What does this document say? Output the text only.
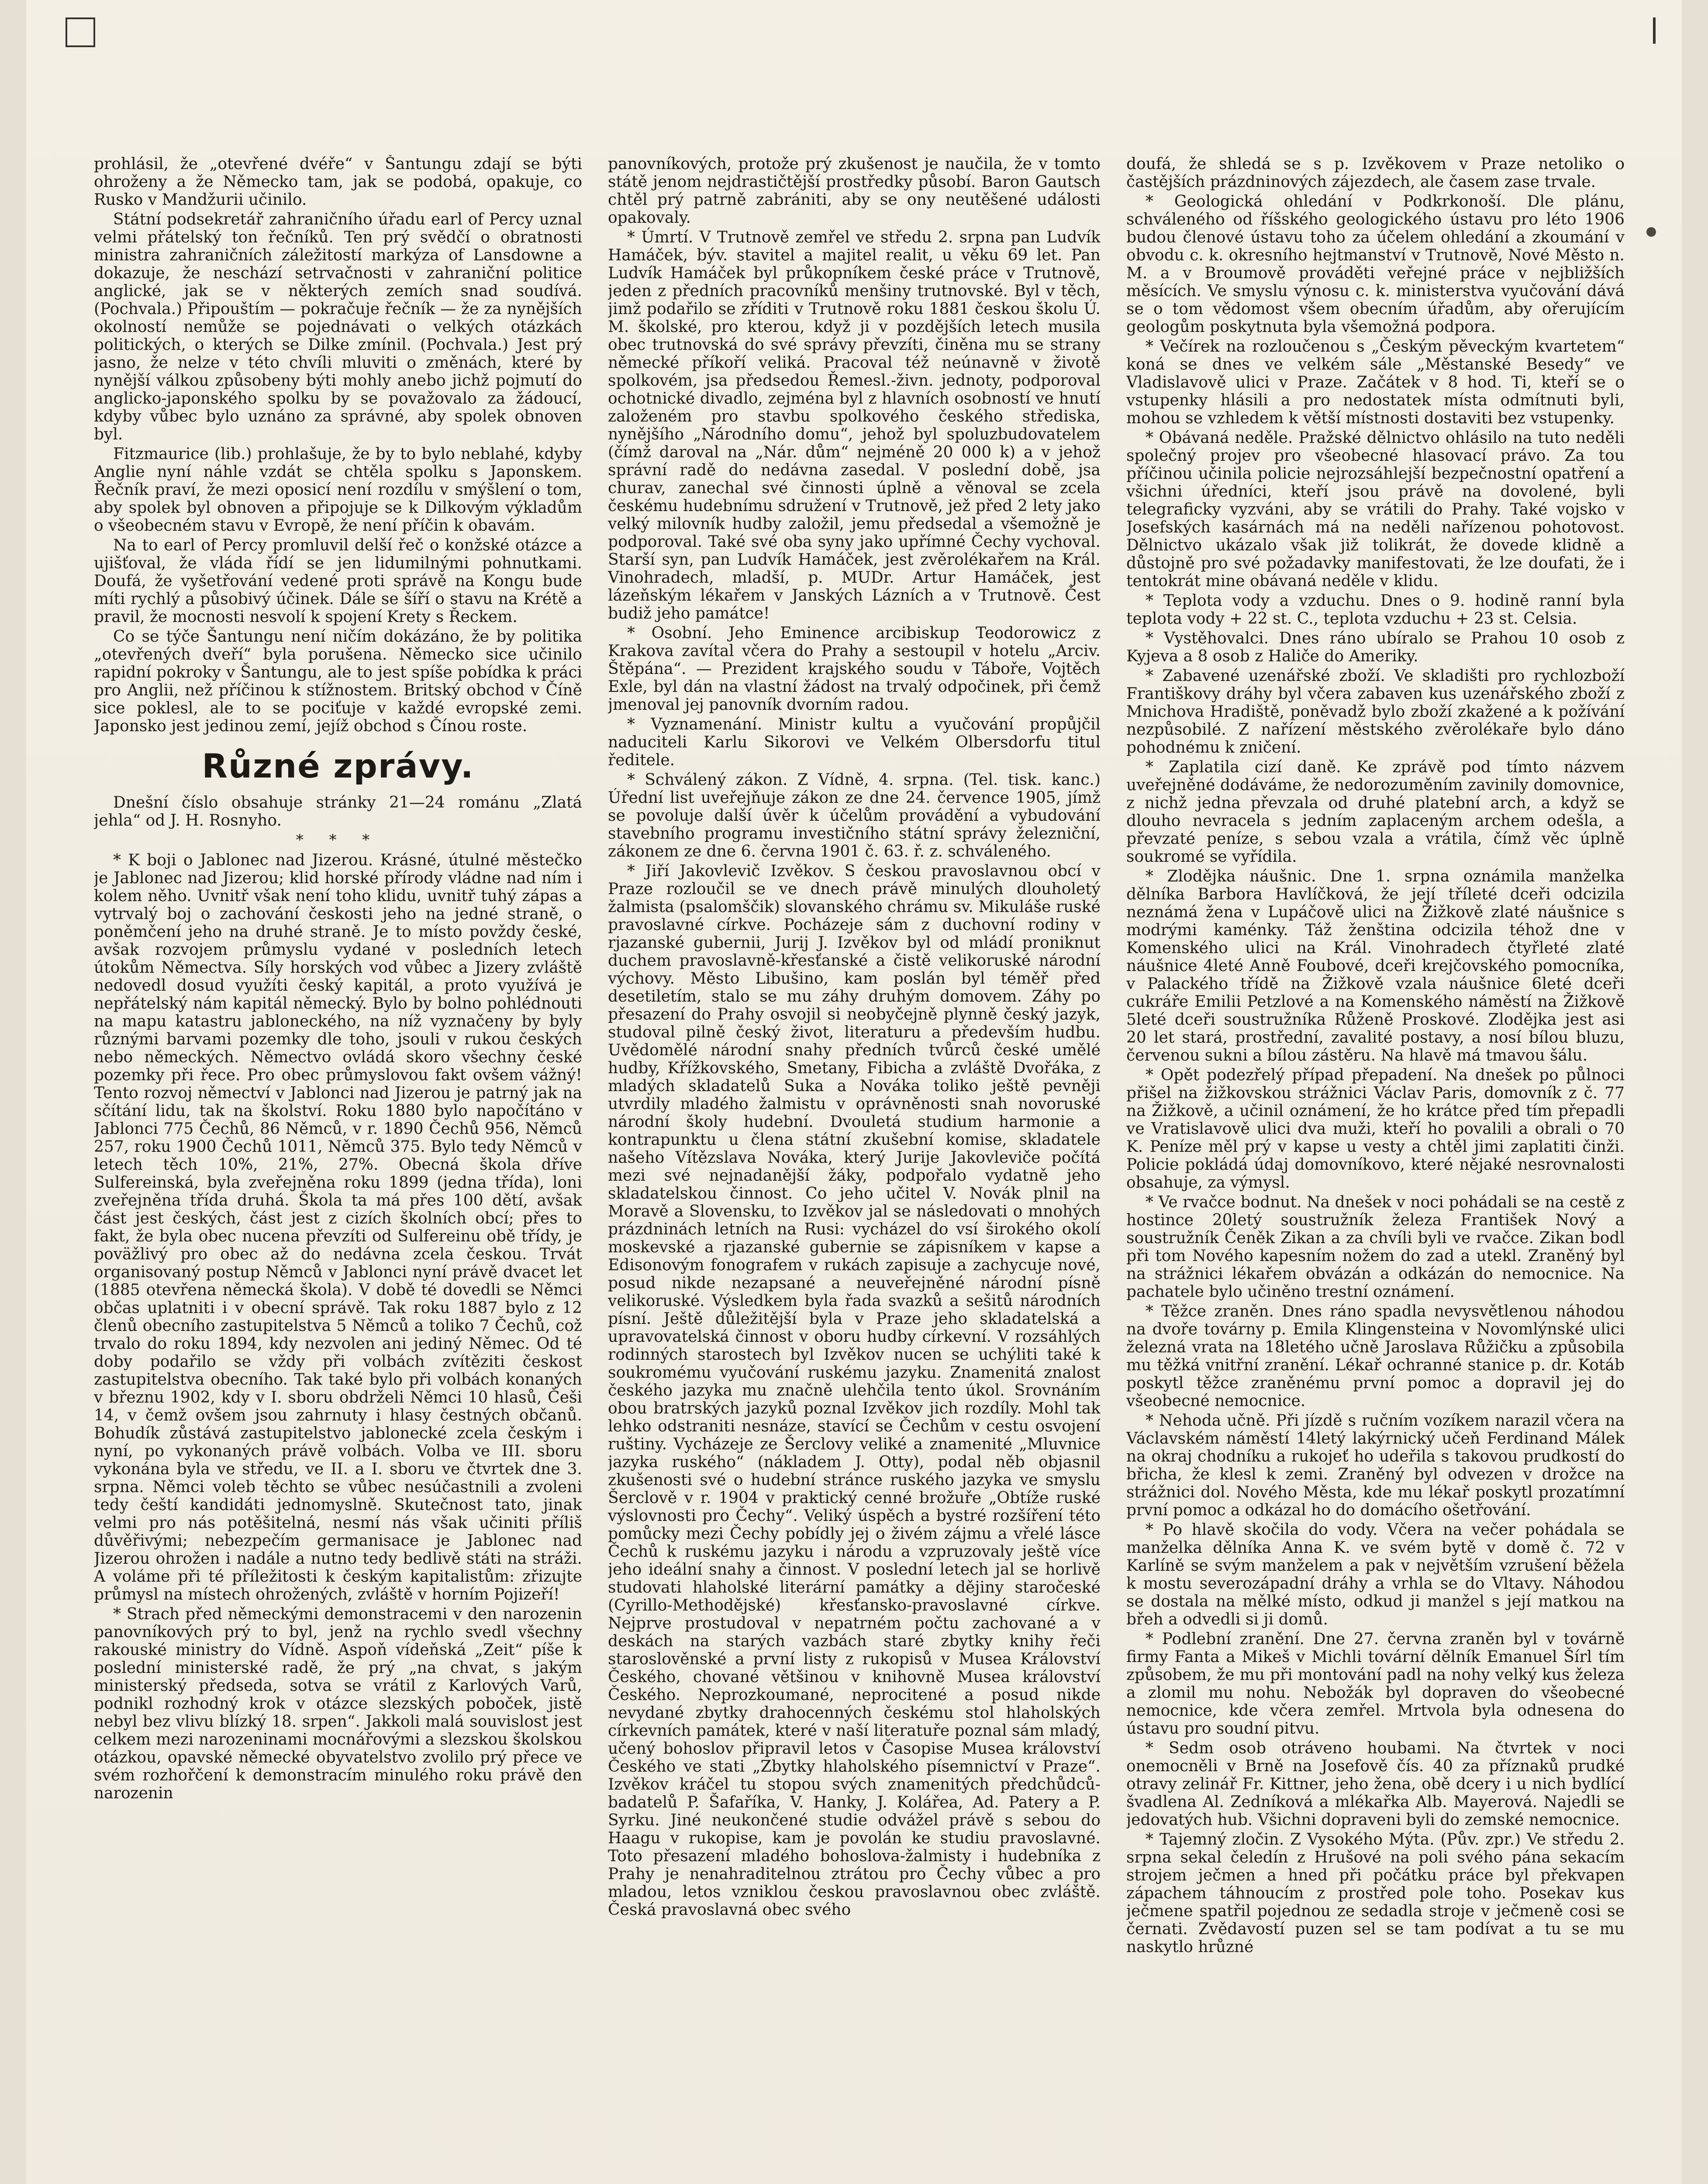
prohlásil, že „otevřené dvéře“ v Šantungu zdají se býti ohroženy a že Německo tam, jak se podobá, opakuje, co Rusko v Mandžurii učinilo.

Státní podsekretář zahraničního úřadu earl of Percy uznal velmi přátelský ton řečníků. Ten prý svědčí o obratnosti ministra zahraničních záležitostí markýza of Lansdowne a dokazuje, že neschází setrvačnosti v zahraniční politice anglické, jak se v některých zemích snad soudívá. (Pochvala.) Připouštím — pokračuje řečník — že za nynějších okolností nemůže se pojednávati o velkých otázkách politických, o kterých se Dilke zmínil. (Pochvala.) Jest prý jasno, že nelze v této chvíli mluviti o změnách, které by nynější válkou způsobeny býti mohly anebo jichž pojmutí do anglicko-japonského spolku by se považovalo za žádoucí, kdyby vůbec bylo uznáno za správné, aby spolek obnoven byl.

Fitzmaurice (lib.) prohlašuje, že by to bylo neblahé, kdyby Anglie nyní náhle vzdát se chtěla spolku s Japonskem. Řečník praví, že mezi oposicí není rozdílu v smýšlení o tom, aby spolek byl obnoven a připojuje se k Dilkovým výkladům o všeobecném stavu v Evropě, že není příčin k obavám.

Na to earl of Percy promluvil delší řeč o konžské otázce a ujišťoval, že vláda řídí se jen lidumilnými pohnutkami. Doufá, že vyšetřování vedené proti správě na Kongu bude míti rychlý a působivý účinek. Dále se šíří o stavu na Krétě a pravil, že mocnosti nesvolí k spojení Krety s Řeckem.

Co se týče Šantungu není ničím dokázáno, že by politika „otevřených dveří“ byla porušena. Německo sice učinilo rapidní pokroky v Šantungu, ale to jest spíše pobídka k práci pro Anglii, než příčinou k stížnostem. Britský obchod v Číně sice poklesl, ale to se pociťuje v každé evropské zemi. Japonsko jest jedinou zemí, jejíž obchod s Čínou roste.

Různé zprávy.

Dnešní číslo obsahuje stránky 21—24 románu „Zlatá jehla“ od J. H. Rosnyho.

* * *

* K boji o Jablonec nad Jizerou. Krásné, útulné městečko je Jablonec nad Jizerou; klid horské přírody vládne nad ním i kolem něho. Uvnitř však není toho klidu, uvnitř tuhý zápas a vytrvalý boj o zachování českosti jeho na jedné straně, o poněmčení jeho na druhé straně. Je to místo povždy české, avšak rozvojem průmyslu vydané v posledních letech útokům Němectva. Síly horských vod vůbec a Jizery zvláště nedovedl dosud využíti český kapitál, a proto využívá je nepřátelský nám kapitál německý. Bylo by bolno pohlédnouti na mapu katastru jabloneckého, na níž vyznačeny by byly různými barvami pozemky dle toho, jsouli v rukou českých nebo německých. Němectvo ovládá skoro všechny české pozemky při řece. Pro obec průmyslovou fakt ovšem vážný! Tento rozvoj němectví v Jablonci nad Jizerou je patrný jak na sčítání lidu, tak na školství. Roku 1880 bylo napočítáno v Jablonci 775 Čechů, 86 Němců, v r. 1890 Čechů 956, Němců 257, roku 1900 Čechů 1011, Němců 375. Bylo tedy Němců v letech těch 10%, 21%, 27%. Obecná škola dříve Sulfereinská, byla zveřejněna roku 1899 (jedna třída), loni zveřejněna třída druhá. Škola ta má přes 100 dětí, avšak část jest českých, část jest z cizích školních obcí; přes to fakt, že byla obec nucena převzíti od Sulfereinu obě třídy, je poväžlivý pro obec až do nedávna zcela českou. Trvát organisovaný postup Němců v Jablonci nyní právě dvacet let (1885 otevřena německá škola). V době té dovedli se Němci občas uplatniti i v obecní správě. Tak roku 1887 bylo z 12 členů obecního zastupitelstva 5 Němců a toliko 7 Čechů, což trvalo do roku 1894, kdy nezvolen ani jediný Němec. Od té doby podařilo se vždy při volbách zvítěziti českost zastupitelstva obecního. Tak také bylo při volbách konaných v březnu 1902, kdy v I. sboru obdrželi Němci 10 hlasů, Češi 14, v čemž ovšem jsou zahrnuty i hlasy čestných občanů. Bohudík zůstává zastupitelstvo jablonecké zcela českým i nyní, po vykonaných právě volbách. Volba ve III. sboru vykonána byla ve středu, ve II. a I. sboru ve čtvrtek dne 3. srpna. Němci voleb těchto se vůbec nesúčastnili a zvoleni tedy čeští kandidáti jednomyslně. Skutečnost tato, jinak velmi pro nás potěšitelná, nesmí nás však učiniti příliš důvěřivými; nebezpečím germanisace je Jablonec nad Jizerou ohrožen i nadále a nutno tedy bedlivě státi na stráži. A voláme při té příležitosti k českým kapitalistům: zřizujte průmysl na místech ohrožených, zvláště v horním Pojizeří!

* Strach před německými demonstracemi v den narozenin panovníkových prý to byl, jenž na rychlo svedl všechny rakouské ministry do Vídně. Aspoň vídeňská „Zeit“ píše k poslední ministerské radě, že prý „na chvat, s jakým ministerský předseda, sotva se vrátil z Karlových Varů, podnikl rozhodný krok v otázce slezských poboček, jistě nebyl bez vlivu blízký 18. srpen“. Jakkoli malá souvislost jest celkem mezi narozeninami mocnářovými a slezskou školskou otázkou, opavské německé obyvatelstvo zvolilo prý přece ve svém rozhořčení k demonstracím minulého roku právě den narozenin

panovníkových, protože prý zkušenost je naučila, že v tomto státě jenom nejdrastičtější prostředky působí. Baron Gautsch chtěl prý patrně zabrániti, aby se ony neutěšené události opakovaly.

* Úmrtí. V Trutnově zemřel ve středu 2. srpna pan Ludvík Hamáček, býv. stavitel a majitel realit, u věku 69 let. Pan Ludvík Hamáček byl průkopníkem české práce v Trutnově, jeden z předních pracovníků menšiny trutnovské. Byl v těch, jimž podařilo se zříditi v Trutnově roku 1881 českou školu Ú. M. školské, pro kterou, když ji v pozdějších letech musila obec trutnovská do své správy převzíti, činěna mu se strany německé příkoří veliká. Pracoval též neúnavně v životě spolkovém, jsa předsedou Řemesl.-živn. jednoty, podporoval ochotnické divadlo, zejména byl z hlavních osobností ve hnutí založeném pro stavbu spolkového českého střediska, nynějšího „Národního domu“, jehož byl spoluzbudovatelem (čímž daroval na „Nár. dům“ nejméně 20 000 k) a v jehož správní radě do nedávna zasedal. V poslední době, jsa churav, zanechal své činnosti úplně a věnoval se zcela českému hudebnímu sdružení v Trutnově, jež před 2 lety jako velký milovník hudby založil, jemu předsedal a všemožně je podporoval. Také své oba syny jako upřímné Čechy vychoval. Starší syn, pan Ludvík Hamáček, jest zvěrolékařem na Král. Vinohradech, mladší, p. MUDr. Artur Hamáček, jest lázeňským lékařem v Janských Lázních a v Trutnově. Čest budiž jeho památce!

* Osobní. Jeho Eminence arcibiskup Teodorowicz z Krakova zavítal včera do Prahy a sestoupil v hotelu „Arciv. Štěpána“. — Prezident krajského soudu v Táboře, Vojtěch Exle, byl dán na vlastní žádost na trvalý odpočinek, při čemž jmenoval jej panovník dvorním radou.

* Vyznamenání. Ministr kultu a vyučování propůjčil naduciteli Karlu Sikorovi ve Velkém Olbersdorfu titul ředitele.

* Schválený zákon. Z Vídně, 4. srpna. (Tel. tisk. kanc.) Úřední list uveřejňuje zákon ze dne 24. července 1905, jímž se povoluje další úvěr k účelům provádění a vybudování stavebního programu investičního státní správy železniční, zákonem ze dne 6. června 1901 č. 63. ř. z. schváleného.

* Jiří Jakovlevič Izvěkov. S českou pravoslavnou obcí v Praze rozloučil se ve dnech právě minulých dlouholetý žalmista (psalomščik) slovanského chrámu sv. Mikuláše ruské pravoslavné církve. Pocházeje sám z duchovní rodiny v rjazanské gubernii, Jurij J. Izvěkov byl od mládí proniknut duchem pravoslavně-křesťanské a čistě velikoruské národní výchovy. Město Libušino, kam poslán byl téměř před desetiletím, stalo se mu záhy druhým domovem. Záhy po přesazení do Prahy osvojil si neobyčejně plynně český jazyk, studoval pilně český život, literaturu a především hudbu. Uvědomělé národní snahy předních tvůrců české umělé hudby, Křížkovského, Smetany, Fibicha a zvláště Dvořáka, z mladých skladatelů Suka a Nováka toliko ještě pevněji utvrdily mladého žalmistu v oprávněnosti snah novoruské národní školy hudební. Dvouletá studium harmonie a kontrapunktu u člena státní zkušební komise, skladatele našeho Vítězslava Nováka, který Jurije Jakovleviče počítá mezi své nejnadanější žáky, podpořalo vydatně jeho skladatelskou činnost. Co jeho učitel V. Novák plnil na Moravě a Slovensku, to Izvěkov jal se následovati o mnohých prázdninách letních na Rusi: vycházel do vsí širokého okolí moskevské a rjazanské gubernie se zápisníkem v kapse a Edisonovým fonografem v rukách zapisuje a zachycuje nové, posud nikde nezapsané a neuveřejněné národní písně velikoruské. Výsledkem byla řada svazků a sešitů národních písní. Ještě důležitější byla v Praze jeho skladatelská a upravovatelská činnost v oboru hudby církevní. V rozsáhlých rodinných starostech byl Izvěkov nucen se uchýliti také k soukromému vyučování ruskému jazyku. Znamenitá znalost českého jazyka mu značně ulehčila tento úkol. Srovnáním obou bratrských jazyků poznal Izvěkov jich rozdíly. Mohl tak lehko odstraniti nesnáze, stavící se Čechům v cestu osvojení ruštiny. Vycházeje ze Šerclovy veliké a znamenité „Mluvnice jazyka ruského“ (nákladem J. Otty), podal něb objasnil zkušenosti své o hudební stránce ruského jazyka ve smyslu Šerclově v r. 1904 v praktický cenné brožuře „Obtíže ruské výslovnosti pro Čechy“. Veliký úspěch a bystré rozšíření této pomůcky mezi Čechy pobídly jej o živém zájmu a vřelé lásce Čechů k ruskému jazyku i národu a vzpruzovaly ještě více jeho ideální snahy a činnost. V poslední letech jal se horlivě studovati hlaholské literární památky a dějiny staročeské (Cyrillo-Methodějské) křesťansko-pravoslavné církve. Nejprve prostudoval v nepatrném počtu zachované a v deskách na starých vazbách staré zbytky knihy řeči staroslověnské a první listy z rukopisů v Musea Království Českého, chované většinou v knihovně Musea království Českého. Neprozkoumané, neprocitené a posud nikde nevydané zbytky drahocenných českému stol hlaholských církevních památek, které v naší literatuře poznal sám mladý, učený bohoslov připravil letos v Časopise Musea království Českého ve stati „Zbytky hlaholského písemnictví v Praze“. Izvěkov kráčel tu stopou svých znamenitých předchůdců-badatelů P. Šafaříka, V. Hanky, J. Kolářea, Ad. Patery a P. Syrku. Jiné neukončené studie odvážel právě s sebou do Haagu v rukopise, kam je povolán ke studiu pravoslavné. Toto přesazení mladého bohoslova-žalmisty i hudebníka z Prahy je nenahraditelnou ztrátou pro Čechy vůbec a pro mladou, letos vzniklou českou pravoslavnou obec zvláště. Česká pravoslavná obec svého

doufá, že shledá se s p. Izvěkovem v Praze netoliko o častějších prázdninových zájezdech, ale časem zase trvale.

* Geologická ohledání v Podkrkonoší. Dle plánu, schváleného od říšského geologického ústavu pro léto 1906 budou členové ústavu toho za účelem ohledání a zkoumání v obvodu c. k. okresního hejtmanství v Trutnově, Nové Město n. M. a v Broumově prováděti veřejné práce v nejbližších měsících. Ve smyslu výnosu c. k. ministerstva vyučování dává se o tom vědomost všem obecním úřadům, aby ořerujícím geologům poskytnuta byla všemožná podpora.

* Večírek na rozloučenou s „Českým pěveckým kvartetem“ koná se dnes ve velkém sále „Městanské Besedy“ ve Vladislavově ulici v Praze. Začátek v 8 hod. Ti, kteří se o vstupenky hlásili a pro nedostatek místa odmítnuti byli, mohou se vzhledem k větší místnosti dostaviti bez vstupenky.

* Obávaná neděle. Pražské dělnictvo ohlásilo na tuto neděli společný projev pro všeobecné hlasovací právo. Za tou příčinou učinila policie nejrozsáhlejší bezpečnostní opatření a všichni úředníci, kteří jsou právě na dovolené, byli telegraficky vyzváni, aby se vrátili do Prahy. Také vojsko v Josefských kasárnách má na neděli nařízenou pohotovost. Dělnictvo ukázalo však již tolikrát, že dovede klidně a důstojně pro své požadavky manifestovati, že lze doufati, že i tentokrát mine obávaná neděle v klidu.

* Teplota vody a vzduchu. Dnes o 9. hodině ranní byla teplota vody + 22 st. C., teplota vzduchu + 23 st. Celsia.

* Vystěhovalci. Dnes ráno ubíralo se Prahou 10 osob z Kyjeva a 8 osob z Haliče do Ameriky.

* Zabavené uzenářské zboží. Ve skladišti pro rychlozboží Františkovy dráhy byl včera zabaven kus uzenářského zboží z Mnichova Hradiště, poněvadž bylo zboží zkažené a k požívání nezpůsobilé. Z nařízení městského zvěrolékaře bylo dáno pohodnému k zničení.

* Zaplatila cizí daně. Ke zprávě pod tímto názvem uveřejněné dodáváme, že nedorozuměním zavinily domovnice, z nichž jedna převzala od druhé platební arch, a když se dlouho nevracela s jedním zaplaceným archem odešla, a převzaté peníze, s sebou vzala a vrátila, čímž věc úplně soukromé se vyřídila.

* Zlodějka náušnic. Dne 1. srpna oznámila manželka dělníka Barbora Havlíčková, že její tříleté dceři odcizila neznámá žena v Lupáčově ulici na Žižkově zlaté náušnice s modrými kaménky. Táž ženština odcizila téhož dne v Komenského ulici na Král. Vinohradech čtyřleté zlaté náušnice 4leté Anně Foubové, dceři krejčovského pomocníka, v Palackého třídě na Žižkově vzala náušnice 6leté dceři cukráře Emilii Petzlové a na Komenského náměstí na Žižkově 5leté dceři soustružníka Růženě Proskové. Zlodějka jest asi 20 let stará, prostřední, zavalité postavy, a nosí bílou bluzu, červenou sukni a bílou zástěru. Na hlavě má tmavou šálu.

* Opět podezřelý případ přepadení. Na dnešek po půlnoci přišel na žižkovskou strážnici Václav Paris, domovník z č. 77 na Žižkově, a učinil oznámení, že ho krátce před tím přepadli ve Vratislavově ulici dva muži, kteří ho povalili a obrali o 70 K. Peníze měl prý v kapse u vesty a chtěl jimi zaplatiti činži. Policie pokládá údaj domovníkovo, které nějaké nesrovnalosti obsahuje, za výmysl.

* Ve rvačce bodnut. Na dnešek v noci pohádali se na cestě z hostince 20letý soustružník železa František Nový a soustružník Čeněk Zikan a za chvíli byli ve rvačce. Zikan bodl při tom Nového kapesním nožem do zad a utekl. Zraněný byl na strážnici lékařem obvázán a odkázán do nemocnice. Na pachatele bylo učiněno trestní oznámení.

* Těžce zraněn. Dnes ráno spadla nevysvětlenou náhodou na dvoře továrny p. Emila Klingensteina v Novomlýnské ulici železná vrata na 18letého učně Jaroslava Růžičku a způsobila mu těžká vnitřní zranění. Lékař ochranné stanice p. dr. Kotáb poskytl těžce zraněnému první pomoc a dopravil jej do všeobecné nemocnice.

* Nehoda učně. Při jízdě s ručním vozíkem narazil včera na Václavském náměstí 14letý lakýrnický učeň Ferdinand Málek na okraj chodníku a rukojeť ho udeřila s takovou prudkostí do břicha, že klesl k zemi. Zraněný byl odvezen v drožce na strážnici dol. Nového Města, kde mu lékař poskytl prozatímní první pomoc a odkázal ho do domácího ošetřování.

* Po hlavě skočila do vody. Včera na večer pohádala se manželka dělníka Anna K. ve svém bytě v domě č. 72 v Karlíně se svým manželem a pak v největším vzrušení běžela k mostu severozápadní dráhy a vrhla se do Vltavy. Náhodou se dostala na mělké místo, odkud ji manžel s její matkou na břeh a odvedli si ji domů.

* Podlební zranění. Dne 27. června zraněn byl v továrně firmy Fanta a Mikeš v Michli tovární dělník Emanuel Šírl tím způsobem, že mu při montování padl na nohy velký kus železa a zlomil mu nohu. Nebožák byl dopraven do všeobecné nemocnice, kde včera zemřel. Mrtvola byla odnesena do ústavu pro soudní pitvu.

* Sedm osob otráveno houbami. Na čtvrtek v noci onemocněli v Brně na Josefově čís. 40 za příznaků prudké otravy zelinář Fr. Kittner, jeho žena, obě dcery i u nich bydlící švadlena Al. Zedníková a mlékařka Alb. Mayerová. Najedli se jedovatých hub. Všichni dopraveni byli do zemské nemocnice.

* Tajemný zločin. Z Vysokého Mýta. (Pův. zpr.) Ve středu 2. srpna sekal čeledín z Hrušové na poli svého pána sekacím strojem ječmen a hned při počátku práce byl překvapen zápachem táhnoucím z prostřed pole toho. Posekav kus ječmene spatřil pojednou ze sedadla stroje v ječmeně cosi se černati. Zvědavostí puzen sel se tam podívat a tu se mu naskytlo hrůzné
